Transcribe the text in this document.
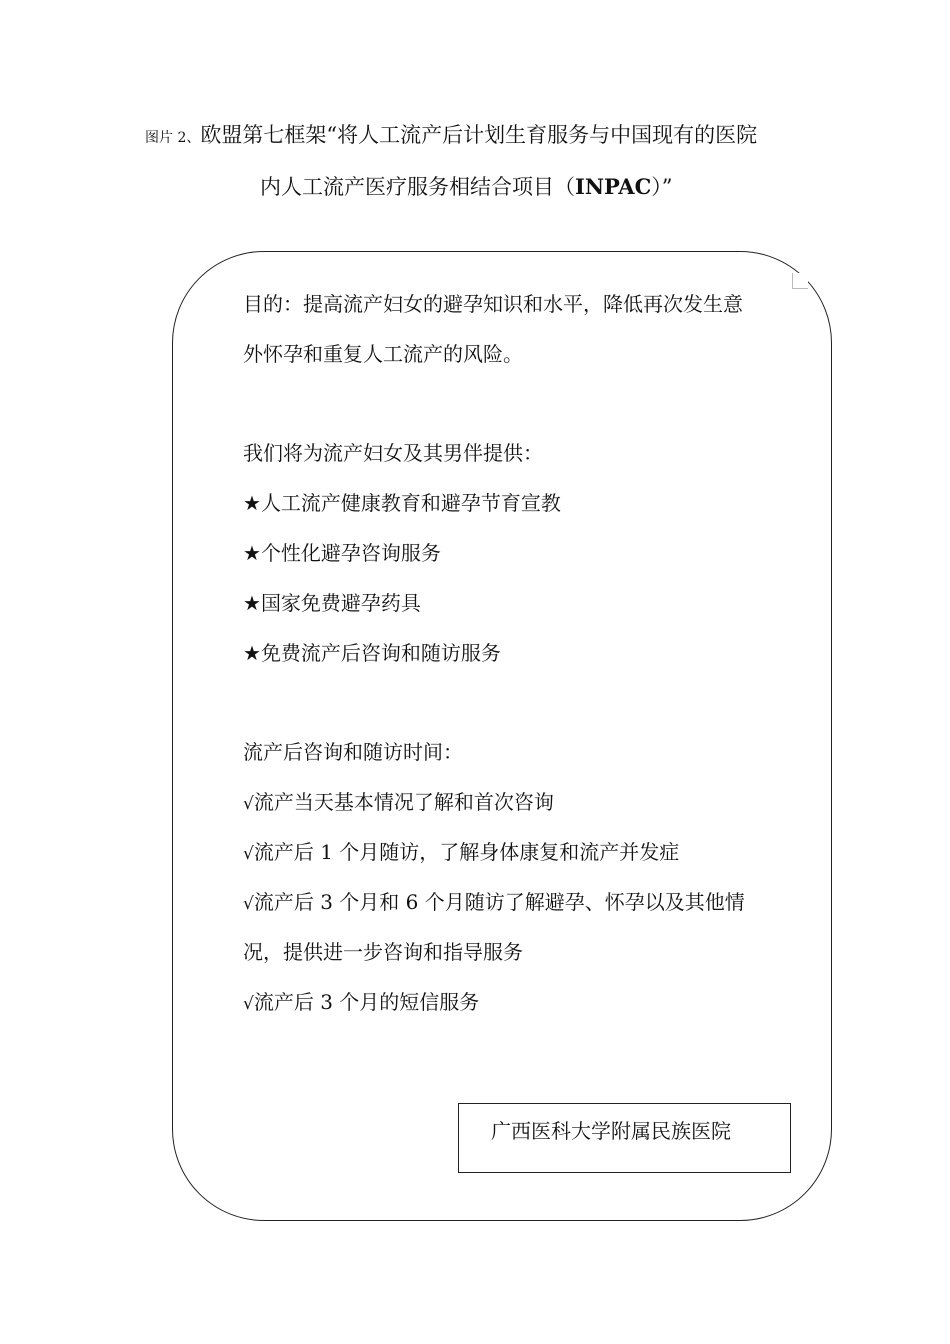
图片 2、欧盟第七框架“将人工流产后计划生育服务与中国现有的医院
内人工流产医疗服务相结合项目（INPAC）”
目的：提高流产妇女的避孕知识和水平，降低再次发生意
外怀孕和重复人工流产的风险。
我们将为流产妇女及其男伴提供：
★人工流产健康教育和避孕节育宣教
★个性化避孕咨询服务
★国家免费避孕药具
★免费流产后咨询和随访服务
流产后咨询和随访时间：
√流产当天基本情况了解和首次咨询
√流产后 1 个月随访，了解身体康复和流产并发症
√流产后 3 个月和 6 个月随访了解避孕、怀孕以及其他情
况，提供进一步咨询和指导服务
√流产后 3 个月的短信服务
广西医科大学附属民族医院
